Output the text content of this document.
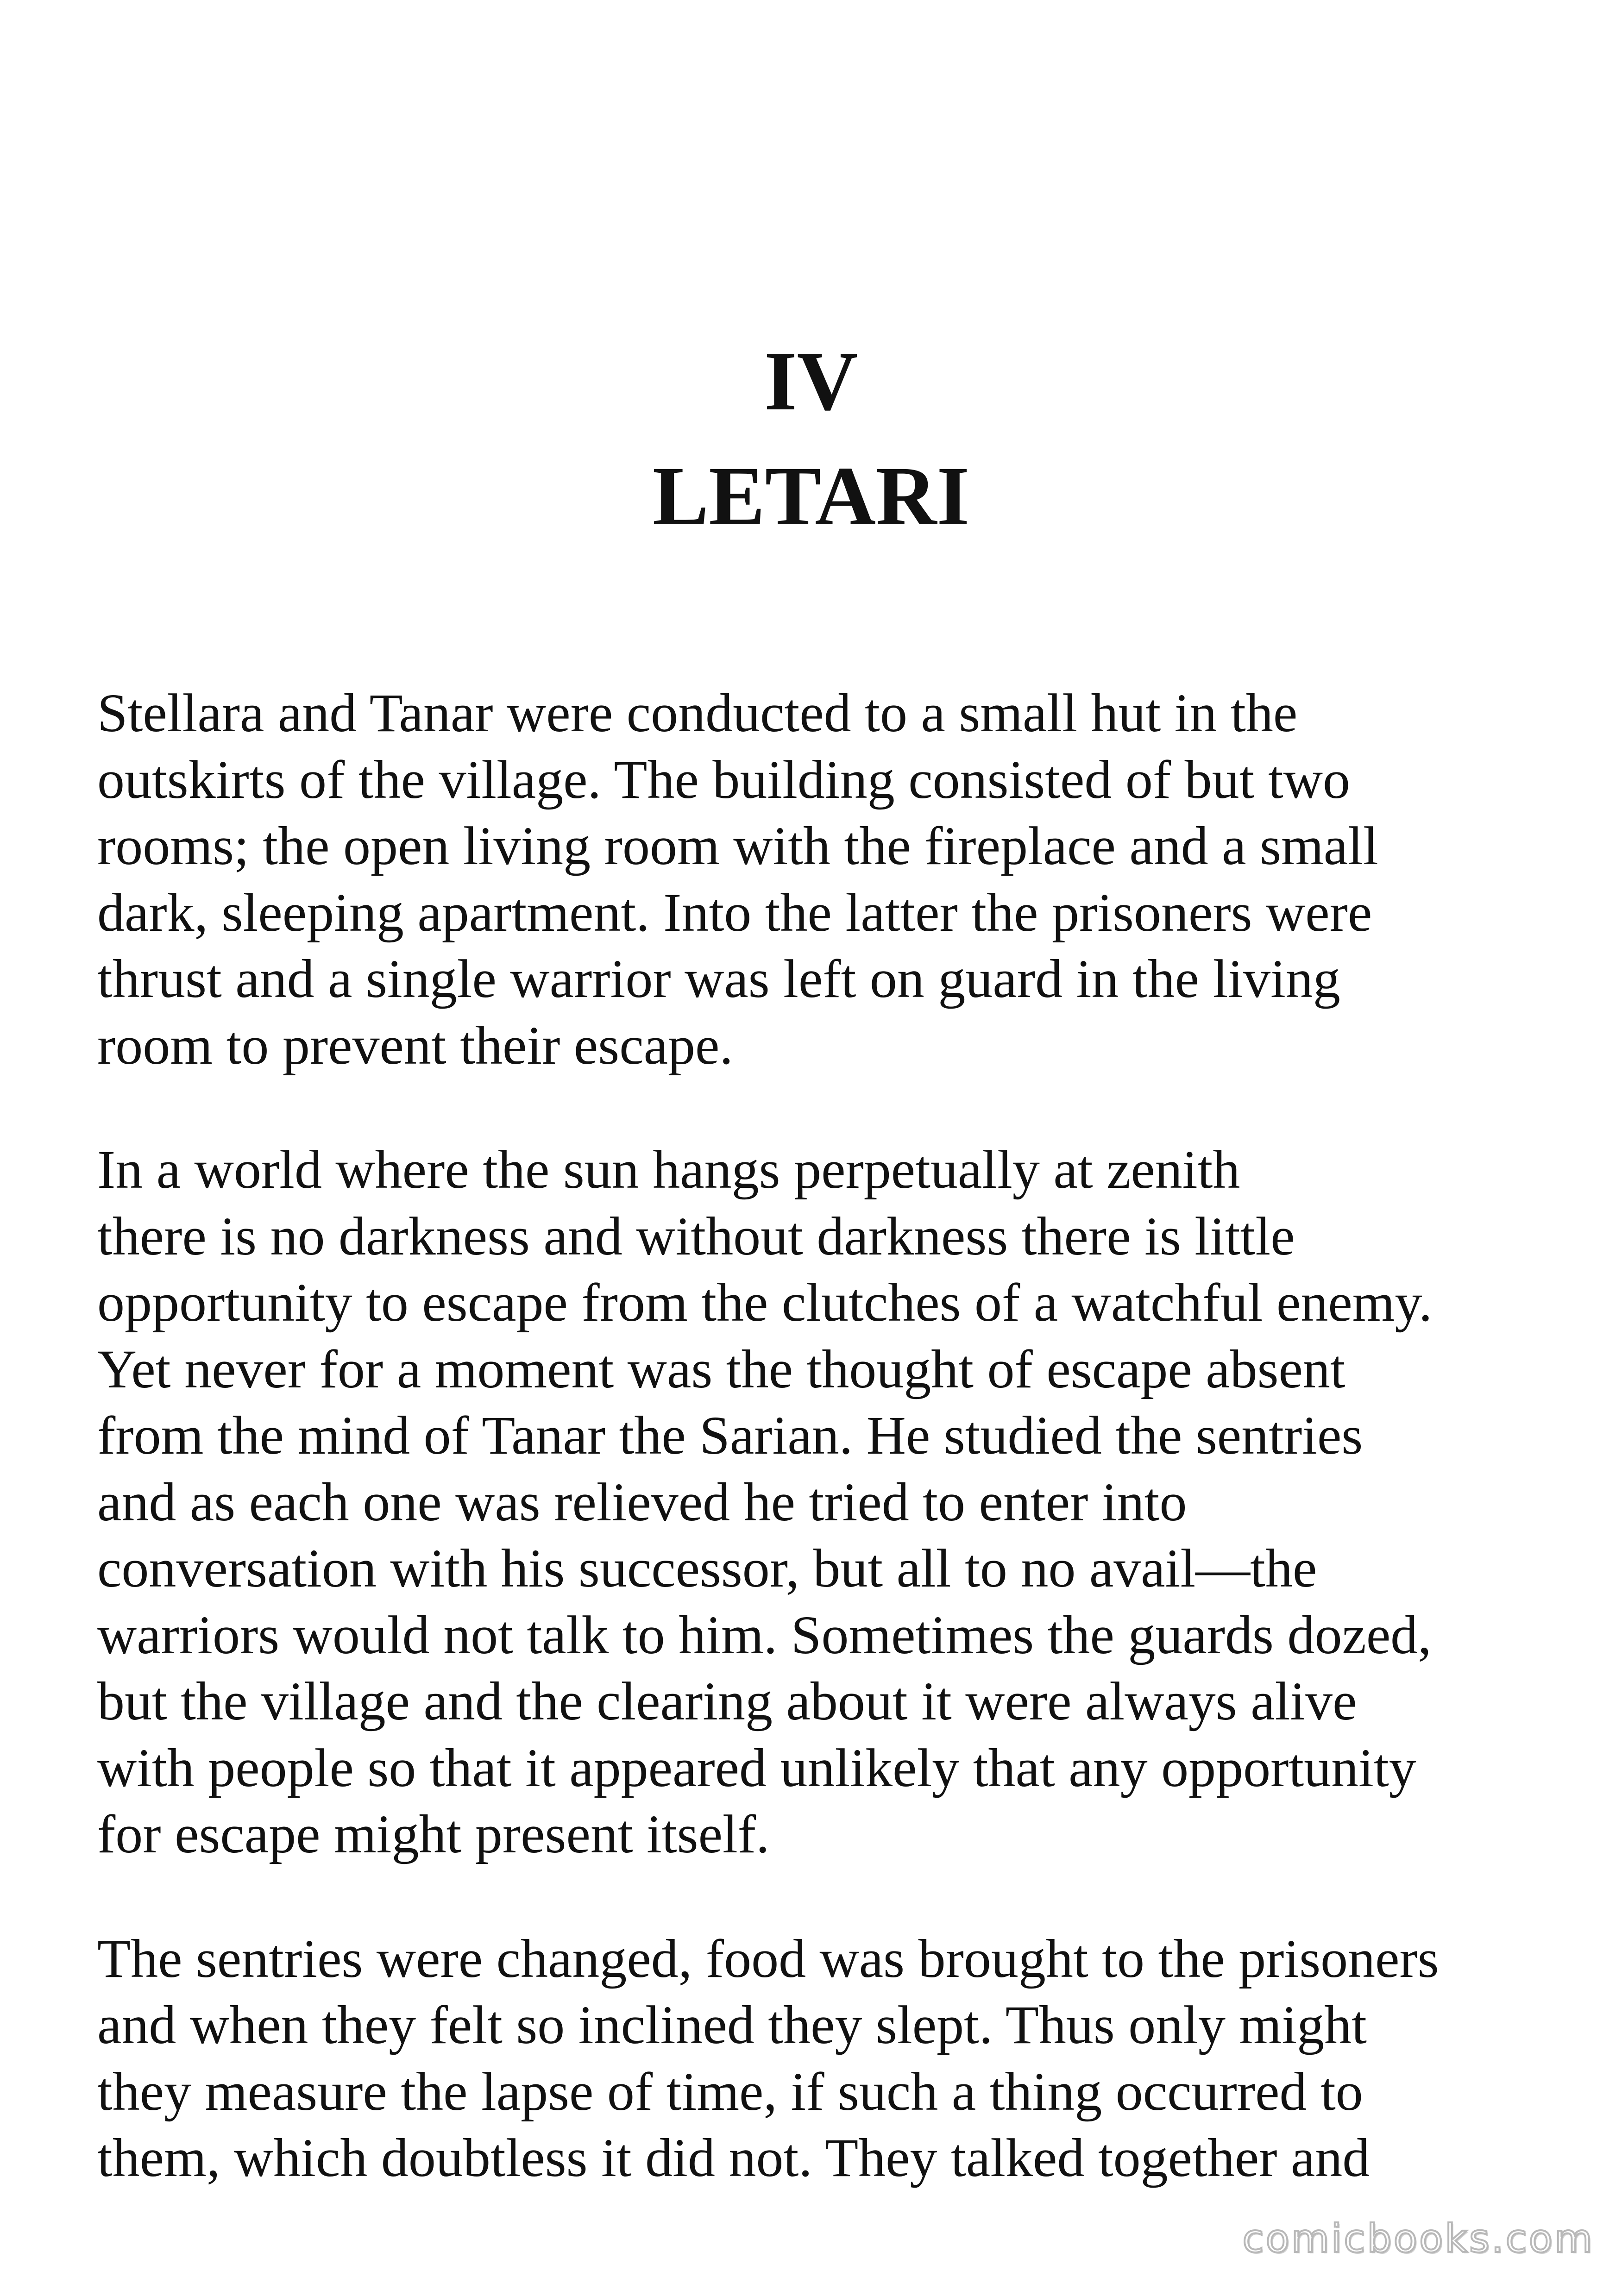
IV
LETARI
Stellara and Tanar were conducted to a small hut in the
outskirts of the village. The building consisted of but two
rooms; the open living room with the fireplace and a small
dark, sleeping apartment. Into the latter the prisoners were
thrust and a single warrior was left on guard in the living
room to prevent their escape.
In a world where the sun hangs perpetually at zenith
there is no darkness and without darkness there is little
opportunity to escape from the clutches of a watchful enemy.
Yet never for a moment was the thought of escape absent
from the mind of Tanar the Sarian. He studied the sentries
and as each one was relieved he tried to enter into
conversation with his successor, but all to no avail—the
warriors would not talk to him. Sometimes the guards dozed,
but the village and the clearing about it were always alive
with people so that it appeared unlikely that any opportunity
for escape might present itself.
The sentries were changed, food was brought to the prisoners
and when they felt so inclined they slept. Thus only might
they measure the lapse of time, if such a thing occurred to
them, which doubtless it did not. They talked together and
comicbooks.com
